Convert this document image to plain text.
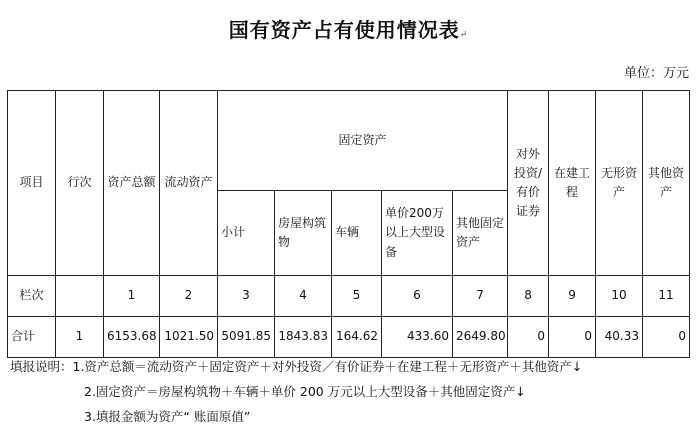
国有资产占有使用情况表↵
单位：万元
项目	行次	资产总额	流动资产	固定资产					对外投资/有价证券	在建工程	无形资产	其他资产
				小计	房屋构筑物	车辆	单价200万以上大型设备	其他固定资产				
栏次		1	2	3	4	5	6	7	8	9	10	11
合计	1	6153.68	1021.50	5091.85	1843.83	164.62	433.60	2649.80	0	0	40.33	0
填报说明：1.资产总额＝流动资产＋固定资产＋对外投资／有价证券＋在建工程＋无形资产＋其他资产↓
2.固定资产＝房屋构筑物＋车辆＋单价 200 万元以上大型设备＋其他固定资产↓
3.填报金额为资产“ 账面原值”
